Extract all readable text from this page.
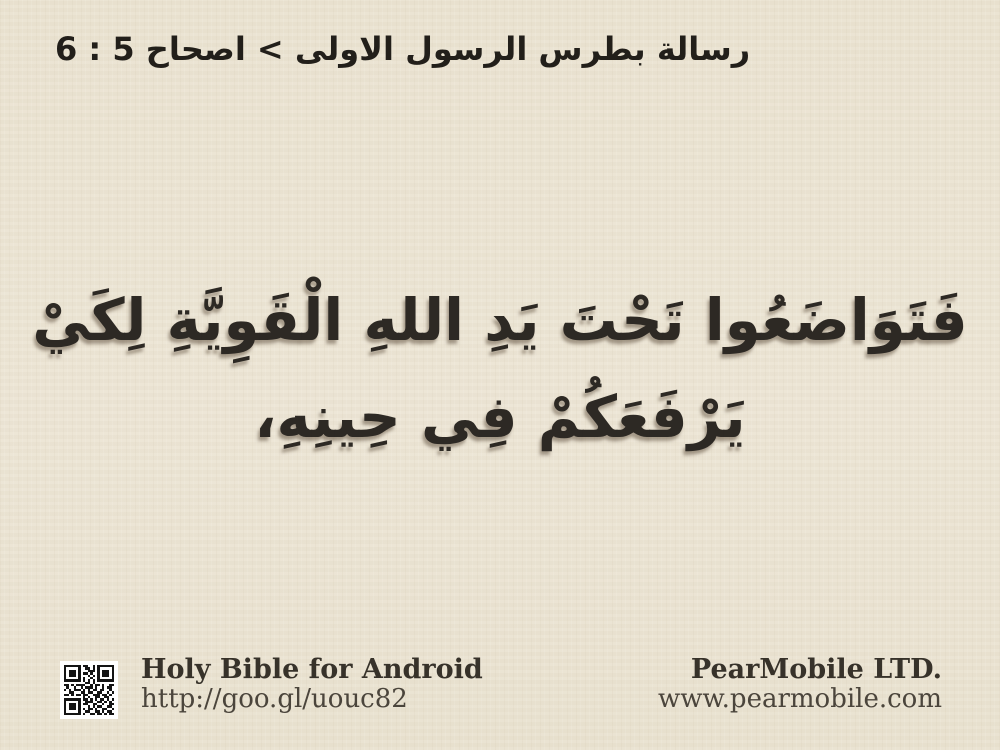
رسالة بطرس الرسول الاولى > اصحاح 5 : 6
فَتَوَاضَعُوا تَحْتَ يَدِ اللهِ الْقَوِيَّةِ لِكَيْ
يَرْفَعَكُمْ فِي حِينِهِ،
Holy Bible for Android
http://goo.gl/uouc82
PearMobile LTD.
www.pearmobile.com
